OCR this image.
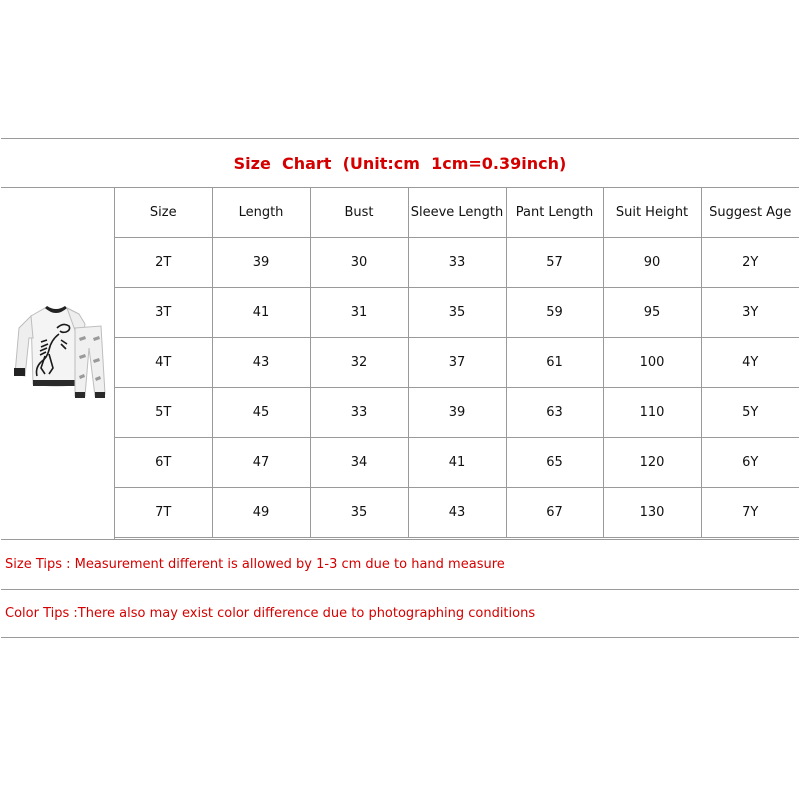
Size  Chart  (Unit:cm  1cm=0.39inch)
Size	Length	Bust	Sleeve Length	Pant Length	Suit Height	Suggest Age
2T	39	30	33	57	90	2Y
3T	41	31	35	59	95	3Y
4T	43	32	37	61	100	4Y
5T	45	33	39	63	110	5Y
6T	47	34	41	65	120	6Y
7T	49	35	43	67	130	7Y
Size Tips : Measurement different is allowed by 1-3 cm due to hand measure
Color Tips :There also may exist color difference due to photographing conditions
